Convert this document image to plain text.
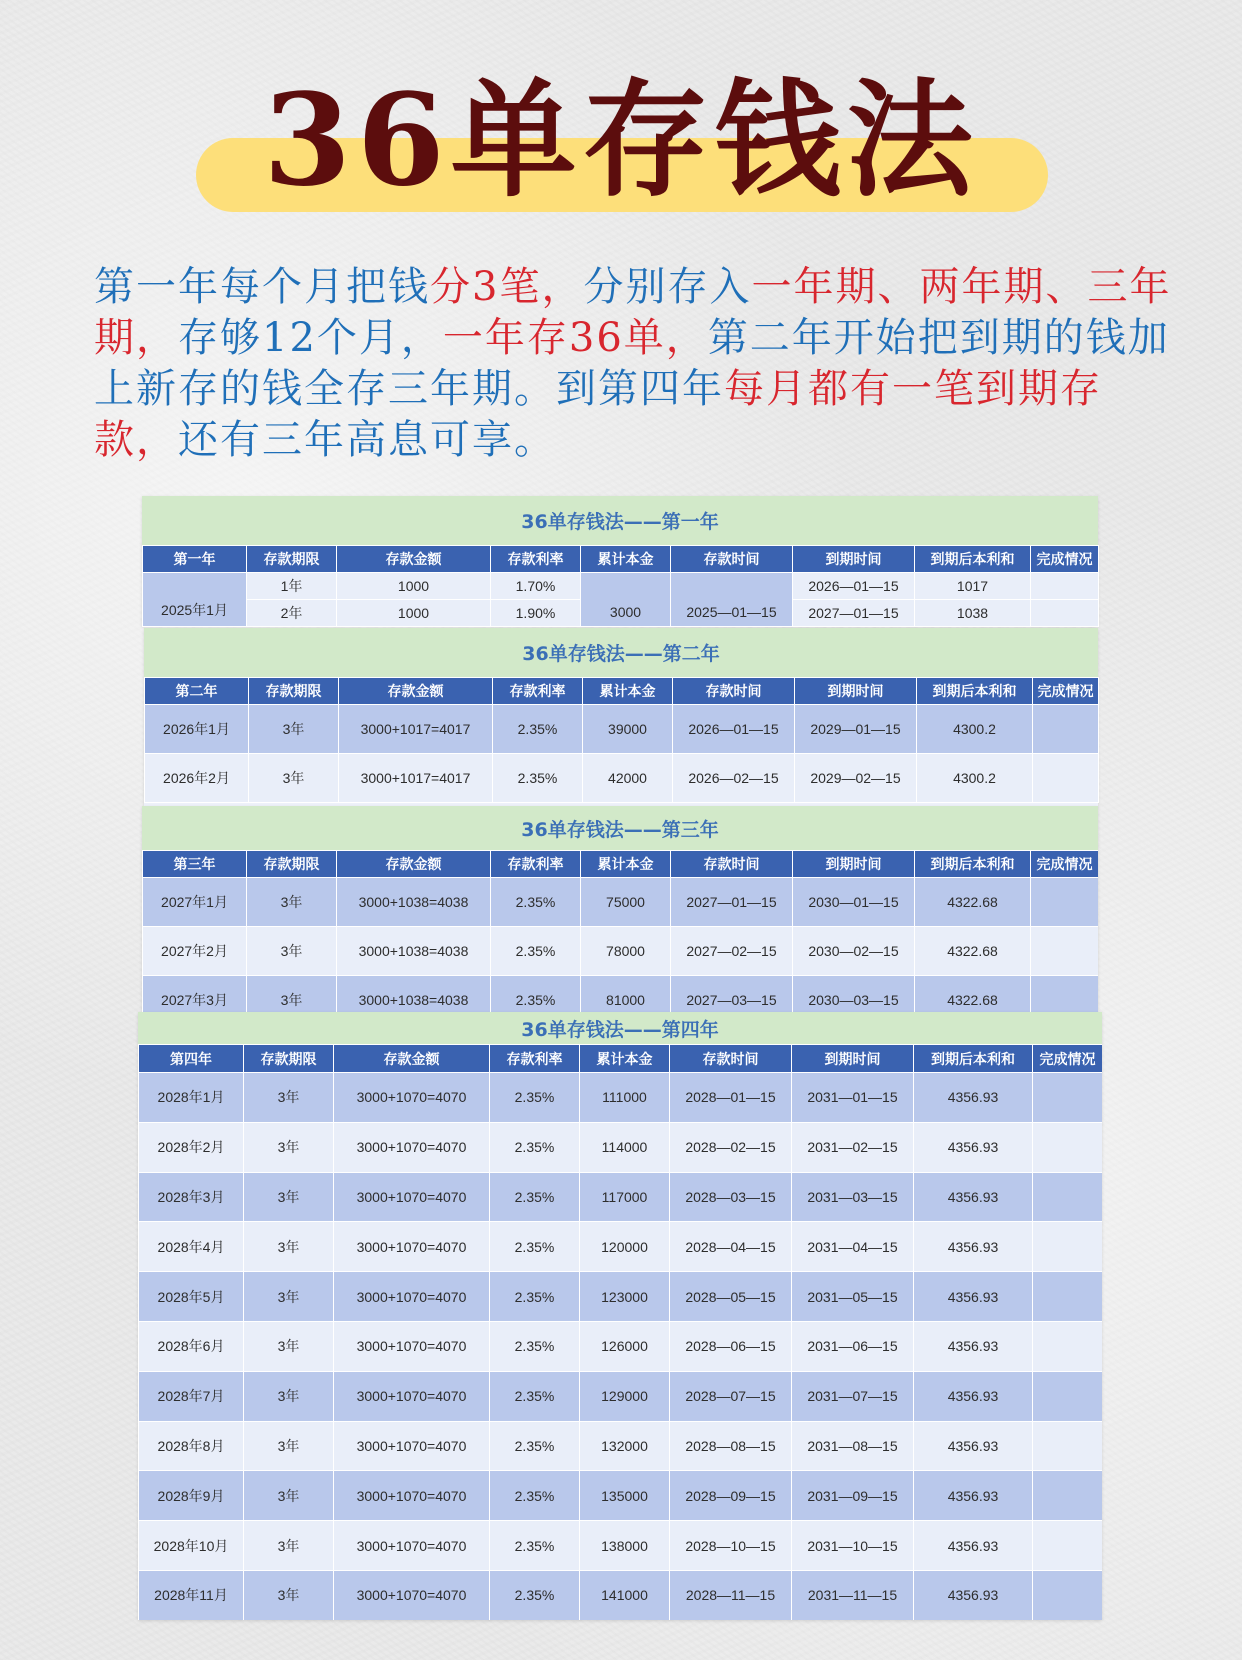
36单存钱法

第一年每个月把钱分3笔，分别存入一年期、两年期、三年期，存够12个月，一年存36单，第二年开始把到期的钱加上新存的钱全存三年期。到第四年每月都有一笔到期存款，还有三年高息可享。

36单存钱法——第一年
第一年	存款期限	存款金额	存款利率	累计本金	存款时间	到期时间	到期后本利和	完成情况
2025年1月	1年	1000	1.70%	3000	2025—01—15	2026—01—15	1017	
	2年	1000	1.90%			2027—01—15	1038	
36单存钱法——第二年
第二年	存款期限	存款金额	存款利率	累计本金	存款时间	到期时间	到期后本利和	完成情况
2026年1月	3年	3000+1017=4017	2.35%	39000	2026—01—15	2029—01—15	4300.2	
2026年2月	3年	3000+1017=4017	2.35%	42000	2026—02—15	2029—02—15	4300.2	
36单存钱法——第三年
第三年	存款期限	存款金额	存款利率	累计本金	存款时间	到期时间	到期后本利和	完成情况
2027年1月	3年	3000+1038=4038	2.35%	75000	2027—01—15	2030—01—15	4322.68	
2027年2月	3年	3000+1038=4038	2.35%	78000	2027—02—15	2030—02—15	4322.68	
2027年3月	3年	3000+1038=4038	2.35%	81000	2027—03—15	2030—03—15	4322.68	
36单存钱法——第四年
第四年	存款期限	存款金额	存款利率	累计本金	存款时间	到期时间	到期后本利和	完成情况
2028年1月	3年	3000+1070=4070	2.35%	111000	2028—01—15	2031—01—15	4356.93	
2028年2月	3年	3000+1070=4070	2.35%	114000	2028—02—15	2031—02—15	4356.93	
2028年3月	3年	3000+1070=4070	2.35%	117000	2028—03—15	2031—03—15	4356.93	
2028年4月	3年	3000+1070=4070	2.35%	120000	2028—04—15	2031—04—15	4356.93	
2028年5月	3年	3000+1070=4070	2.35%	123000	2028—05—15	2031—05—15	4356.93	
2028年6月	3年	3000+1070=4070	2.35%	126000	2028—06—15	2031—06—15	4356.93	
2028年7月	3年	3000+1070=4070	2.35%	129000	2028—07—15	2031—07—15	4356.93	
2028年8月	3年	3000+1070=4070	2.35%	132000	2028—08—15	2031—08—15	4356.93	
2028年9月	3年	3000+1070=4070	2.35%	135000	2028—09—15	2031—09—15	4356.93	
2028年10月	3年	3000+1070=4070	2.35%	138000	2028—10—15	2031—10—15	4356.93	
2028年11月	3年	3000+1070=4070	2.35%	141000	2028—11—15	2031—11—15	4356.93	
